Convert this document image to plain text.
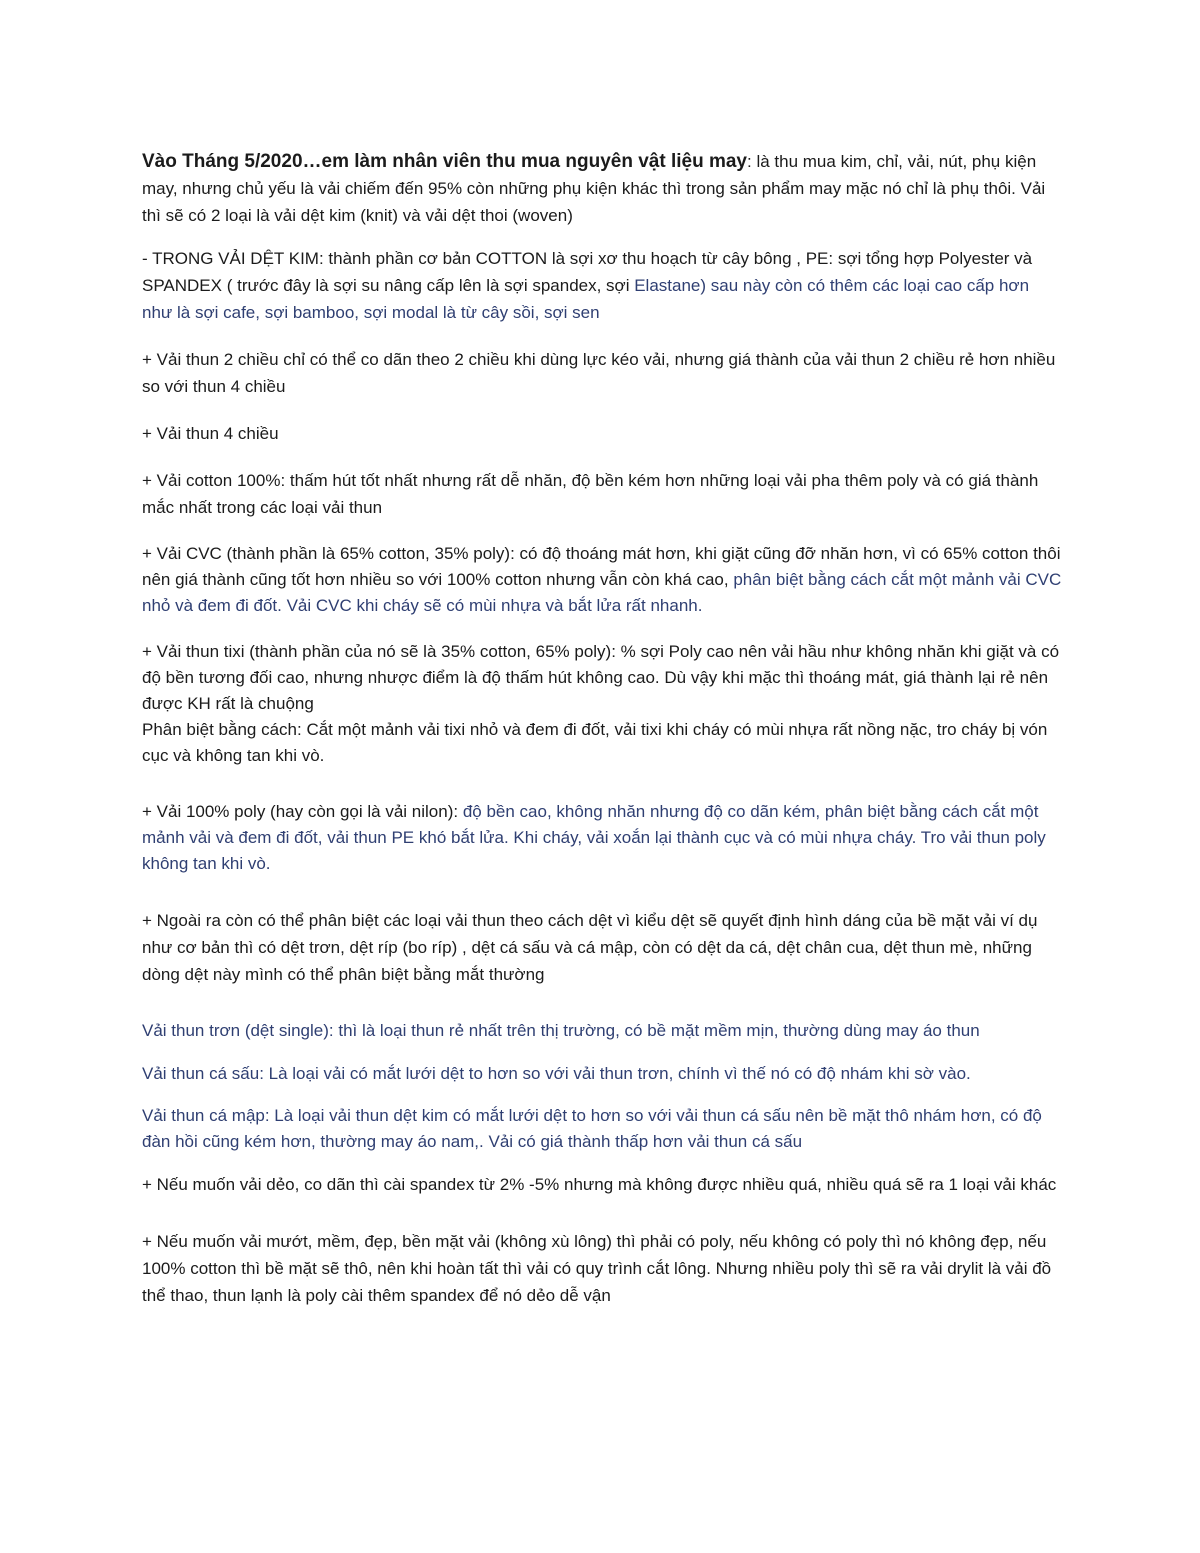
Vào Tháng 5/2020…em làm nhân viên thu mua nguyên vật liệu may: là thu mua kim, chỉ, vải, nút, phụ kiện may, nhưng chủ yếu là vải chiếm đến 95% còn những phụ kiện khác thì trong sản phẩm may mặc nó chỉ là phụ thôi. Vải thì sẽ có 2 loại là vải dệt kim (knit) và vải dệt thoi (woven)

- TRONG VẢI DỆT KIM: thành phần cơ bản COTTON là sợi xơ thu hoạch từ cây bông , PE: sợi tổng hợp Polyester và SPANDEX ( trước đây là sợi su nâng cấp lên là sợi spandex, sợi Elastane) sau này còn có thêm các loại cao cấp hơn như là sợi cafe, sợi bamboo, sợi modal là từ cây sồi, sợi sen

+ Vải thun 2 chiều chỉ có thể co dãn theo 2 chiều khi dùng lực kéo vải, nhưng giá thành của vải thun 2 chiều rẻ hơn nhiều so với thun 4 chiều

+ Vải thun 4 chiều

+ Vải cotton 100%: thấm hút tốt nhất nhưng rất dễ nhăn, độ bền kém hơn những loại vải pha thêm poly và có giá thành mắc nhất trong các loại vải thun

+ Vải CVC (thành phần là 65% cotton, 35% poly): có độ thoáng mát hơn, khi giặt cũng đỡ nhăn hơn, vì có 65% cotton thôi nên giá thành cũng tốt hơn nhiều so với 100% cotton nhưng vẫn còn khá cao, phân biệt bằng cách cắt một mảnh vải CVC nhỏ và đem đi đốt. Vải CVC khi cháy sẽ có mùi nhựa và bắt lửa rất nhanh.

+ Vải thun tixi (thành phần của nó sẽ là 35% cotton, 65% poly): % sợi Poly cao nên vải hầu như không nhăn khi giặt và có độ bền tương đối cao, nhưng nhược điểm là độ thấm hút không cao. Dù vậy khi mặc thì thoáng mát, giá thành lại rẻ nên được KH rất là chuộng

Phân biệt bằng cách: Cắt một mảnh vải tixi nhỏ và đem đi đốt, vải tixi khi cháy có mùi nhựa rất nồng nặc, tro cháy bị vón cục và không tan khi vò.

+ Vải 100% poly (hay còn gọi là vải nilon): độ bền cao, không nhăn nhưng độ co dãn kém, phân biệt bằng cách cắt một mảnh vải và đem đi đốt, vải thun PE khó bắt lửa. Khi cháy, vải xoắn lại thành cục và có mùi nhựa cháy. Tro vải thun poly không tan khi vò.

+ Ngoài ra còn có thể phân biệt các loại vải thun theo cách dệt vì kiểu dệt sẽ quyết định hình dáng của bề mặt vải ví dụ như cơ bản thì có dệt trơn, dệt ríp (bo ríp) , dệt cá sấu và cá mập, còn có dệt da cá, dệt chân cua, dệt thun mè, những dòng dệt này mình có thể phân biệt bằng mắt thường

Vải thun trơn (dệt single): thì là loại thun rẻ nhất trên thị trường, có bề mặt mềm mịn, thường dùng may áo thun

Vải thun cá sấu: Là loại vải có mắt lưới dệt to hơn so với vải thun trơn, chính vì thế nó có độ nhám khi sờ vào.

Vải thun cá mập: Là loại vải thun dệt kim có mắt lưới dệt to hơn so với vải thun cá sấu nên bề mặt thô nhám hơn, có độ đàn hồi cũng kém hơn, thường may áo nam,. Vải có giá thành thấp hơn vải thun cá sấu

+ Nếu muốn vải dẻo, co dãn thì cài spandex từ 2% -5% nhưng mà không được nhiều quá, nhiều quá sẽ ra 1 loại vải khác

+ Nếu muốn vải mướt, mềm, đẹp, bền mặt vải (không xù lông) thì phải có poly, nếu không có poly thì nó không đẹp, nếu 100% cotton thì bề mặt sẽ thô, nên khi hoàn tất thì vải có quy trình cắt lông. Nhưng nhiều poly thì sẽ ra vải drylit là vải đồ thể thao, thun lạnh là poly cài thêm spandex để nó dẻo dễ vận
